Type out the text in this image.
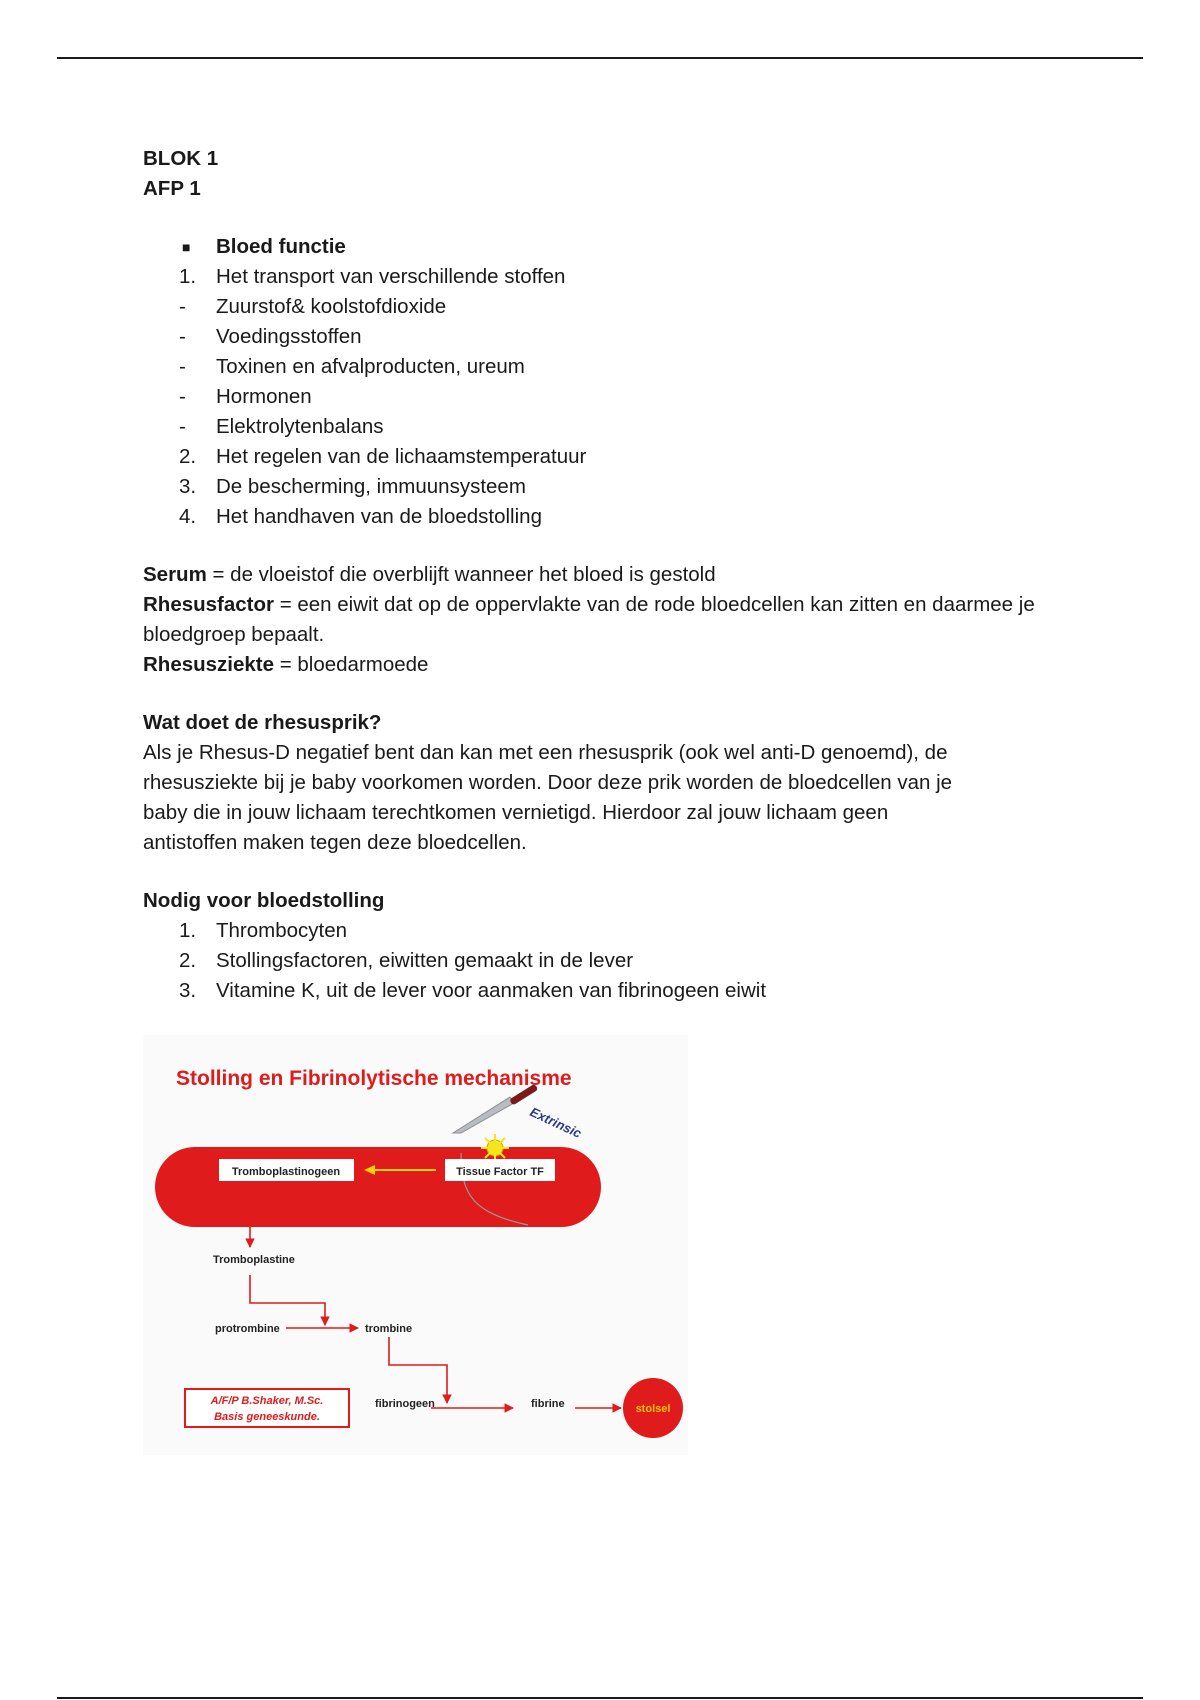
BLOK 1
AFP 1
■ Bloed functie
1. Het transport van verschillende stoffen
- Zuurstof& koolstofdioxide
- Voedingsstoffen
- Toxinen en afvalproducten, ureum
- Hormonen
- Elektrolytenbalans
2. Het regelen van de lichaamstemperatuur
3. De bescherming, immuunsysteem
4. Het handhaven van de bloedstolling
Serum = de vloeistof die overblijft wanneer het bloed is gestold
Rhesusfactor = een eiwit dat op de oppervlakte van de rode bloedcellen kan zitten en daarmee je bloedgroep bepaalt.
Rhesusziekte = bloedarmoede
Wat doet de rhesusprik?
Als je Rhesus-D negatief bent dan kan met een rhesusprik (ook wel anti-D genoemd), de
rhesusziekte bij je baby voorkomen worden. Door deze prik worden de bloedcellen van je
baby die in jouw lichaam terechtkomen vernietigd. Hierdoor zal jouw lichaam geen
antistoffen maken tegen deze bloedcellen.
Nodig voor bloedstolling
1. Thrombocyten
2. Stollingsfactoren, eiwitten gemaakt in de lever
3. Vitamine K, uit de lever voor aanmaken van fibrinogeen eiwit
Stolling en Fibrinolytische mechanisme
Extrinsic
Tromboplastinogeen	Tissue Factor TF
Tromboplastine
protrombine	trombine
A/F/P B.Shaker, M.Sc.
Basis geneeskunde.
fibrinogeen	fibrine	stolsel
